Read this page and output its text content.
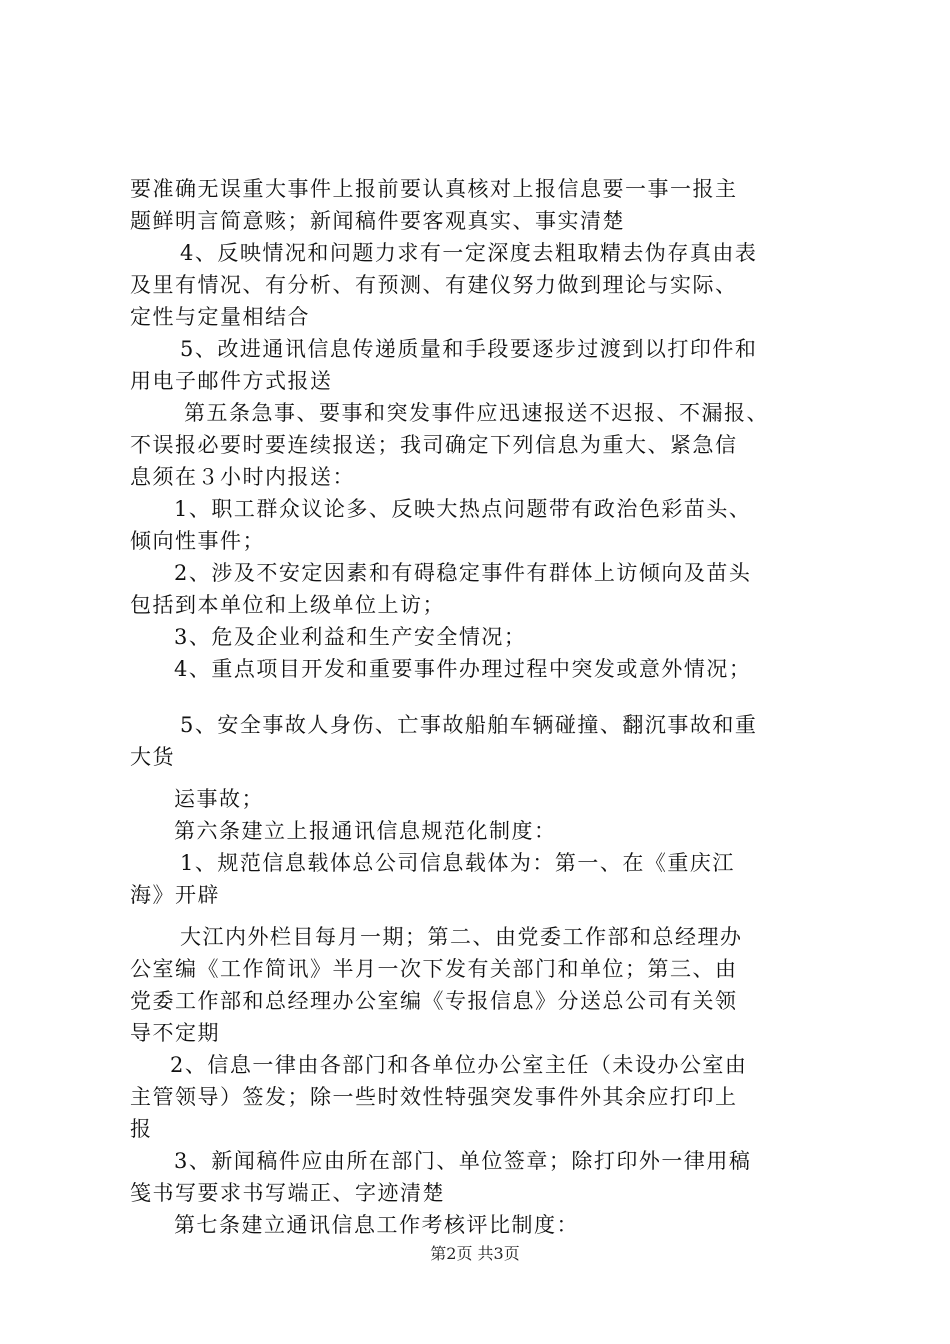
要准确无误重大事件上报前要认真核对上报信息要一事一报主
题鲜明言简意赅；新闻稿件要客观真实、事实清楚
4、反映情况和问题力求有一定深度去粗取精去伪存真由表
及里有情况、有分析、有预测、有建仪努力做到理论与实际、
定性与定量相结合
5、改进通讯信息传递质量和手段要逐步过渡到以打印件和
用电子邮件方式报送
第五条急事、要事和突发事件应迅速报送不迟报、不漏报、
不误报必要时要连续报送；我司确定下列信息为重大、紧急信
息须在３小时内报送：
1、职工群众议论多、反映大热点问题带有政治色彩苗头、
倾向性事件；
2、涉及不安定因素和有碍稳定事件有群体上访倾向及苗头
包括到本单位和上级单位上访；
3、危及企业利益和生产安全情况；
4、重点项目开发和重要事件办理过程中突发或意外情况；
5、安全事故人身伤、亡事故船舶车辆碰撞、翻沉事故和重
大货
运事故；
第六条建立上报通讯信息规范化制度：
1、规范信息载体总公司信息载体为：第一、在《重庆江
海》开辟
大江内外栏目每月一期；第二、由党委工作部和总经理办
公室编《工作简讯》半月一次下发有关部门和单位；第三、由
党委工作部和总经理办公室编《专报信息》分送总公司有关领
导不定期
2、信息一律由各部门和各单位办公室主任（未设办公室由
主管领导）签发；除一些时效性特强突发事件外其余应打印上
报
3、新闻稿件应由所在部门、单位签章；除打印外一律用稿
笺书写要求书写端正、字迹清楚
第七条建立通讯信息工作考核评比制度：
第2页 共3页
